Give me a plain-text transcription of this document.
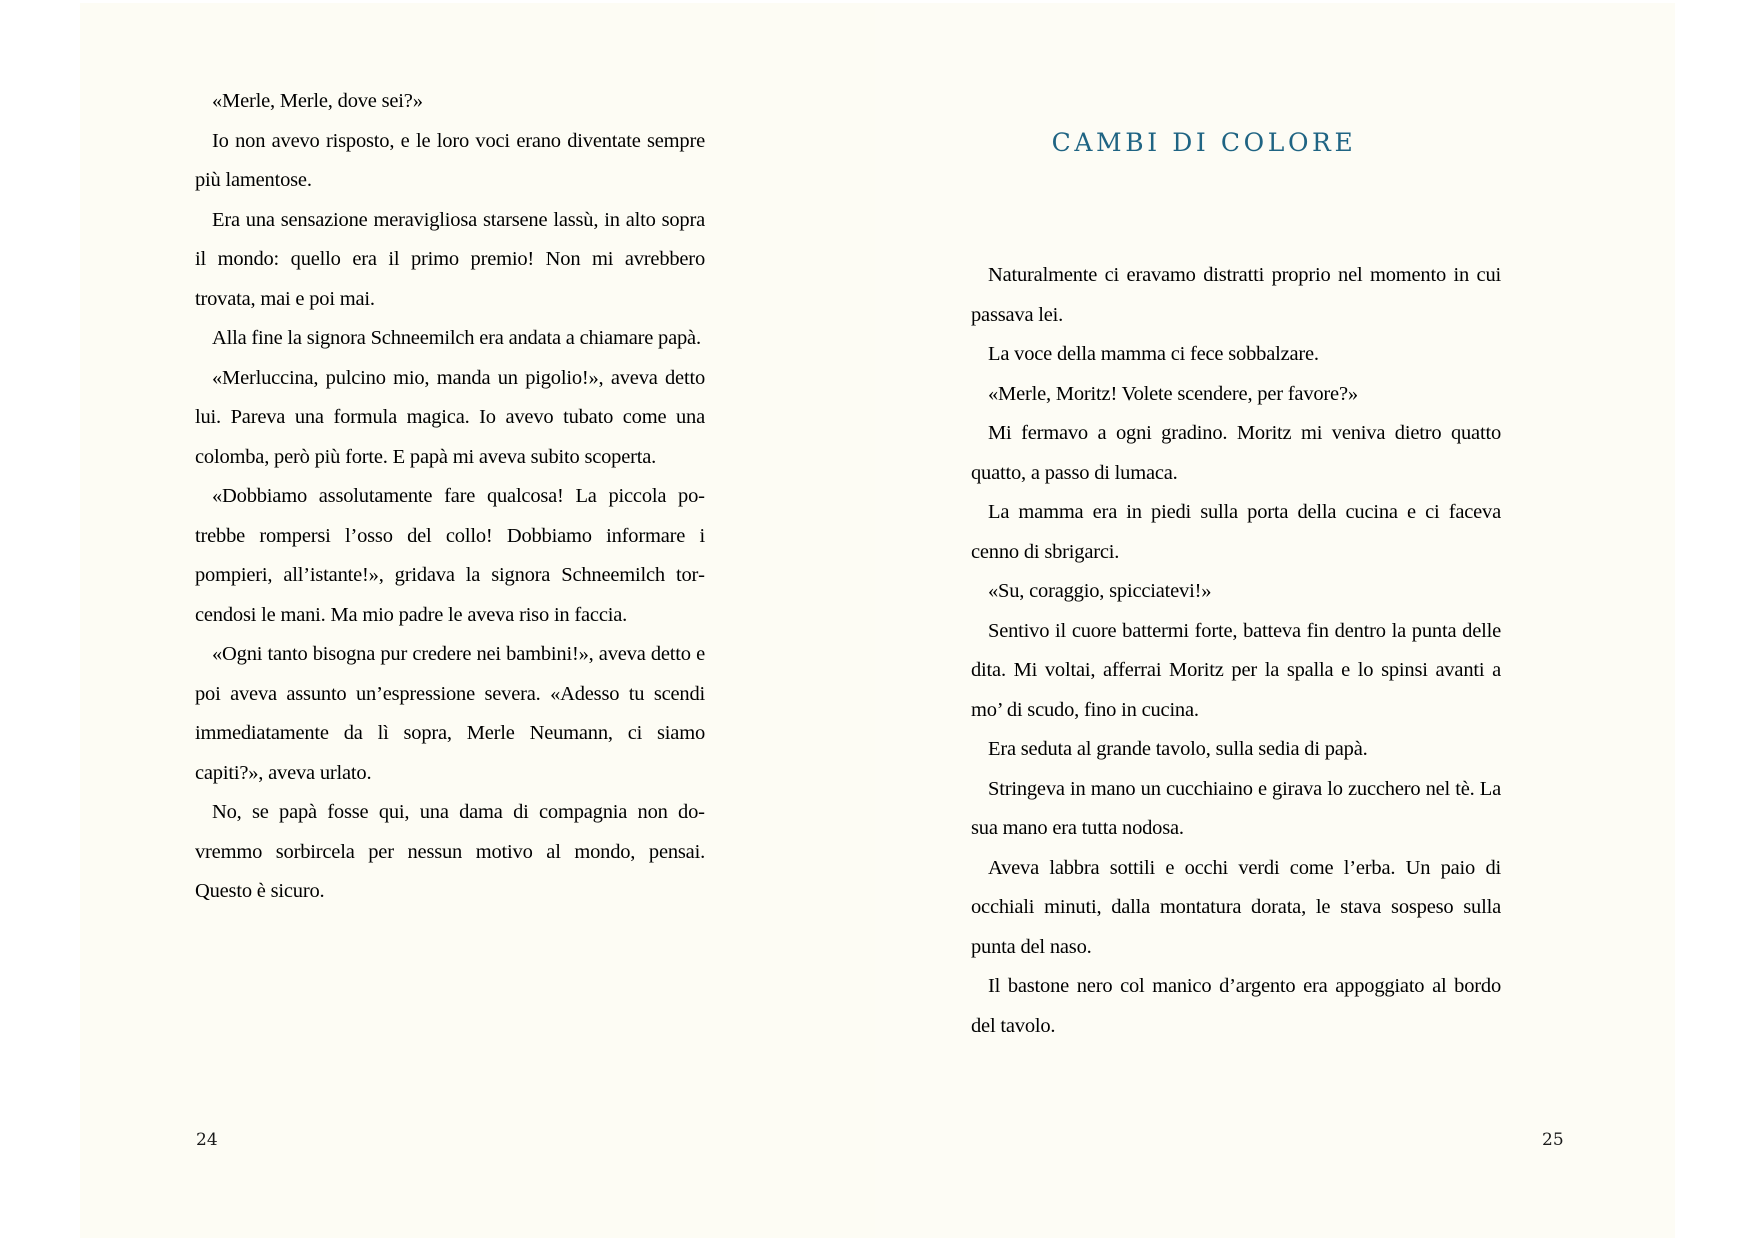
«Merle, Merle, dove sei?»

Io non avevo risposto, e le loro voci erano diventate sempre più lamentose.

Era una sensazione meravigliosa starsene lassù, in alto sopra il mondo: quello era il primo premio! Non mi avrebbero trovata, mai e poi mai.

Alla fine la signora Schneemilch era andata a chiamare papà.

«Merluccina, pulcino mio, manda un pigolio!», aveva detto lui. Pareva una formula magica. Io avevo tubato come una colomba, però più forte. E papà mi aveva subito scoperta.

«Dobbiamo assolutamente fare qualcosa! La piccola potrebbe rompersi l’osso del collo! Dobbiamo informare i pompieri, all’istante!», gridava la signora Schneemilch torcendosi le mani. Ma mio padre le aveva riso in faccia.

«Ogni tanto bisogna pur credere nei bambini!», aveva detto e poi aveva assunto un’espressione severa. «Adesso tu scendi immediatamente da lì sopra, Merle Neumann, ci siamo capiti?», aveva urlato.

No, se papà fosse qui, una dama di compagnia non dovremmo sorbircela per nessun motivo al mondo, pensai. Questo è sicuro.

CAMBI DI COLORE

Naturalmente ci eravamo distratti proprio nel momento in cui passava lei.

La voce della mamma ci fece sobbalzare.

«Merle, Moritz! Volete scendere, per favore?»

Mi fermavo a ogni gradino. Moritz mi veniva dietro quatto quatto, a passo di lumaca.

La mamma era in piedi sulla porta della cucina e ci faceva cenno di sbrigarci.

«Su, coraggio, spicciatevi!»

Sentivo il cuore battermi forte, batteva fin dentro la punta delle dita. Mi voltai, afferrai Moritz per la spalla e lo spinsi avanti a mo’ di scudo, fino in cucina.

Era seduta al grande tavolo, sulla sedia di papà.

Stringeva in mano un cucchiaino e girava lo zucchero nel tè. La sua mano era tutta nodosa.

Aveva labbra sottili e occhi verdi come l’erba. Un paio di occhiali minuti, dalla montatura dorata, le stava sospeso sulla punta del naso.

Il bastone nero col manico d’argento era appoggiato al bordo del tavolo.

24	25
